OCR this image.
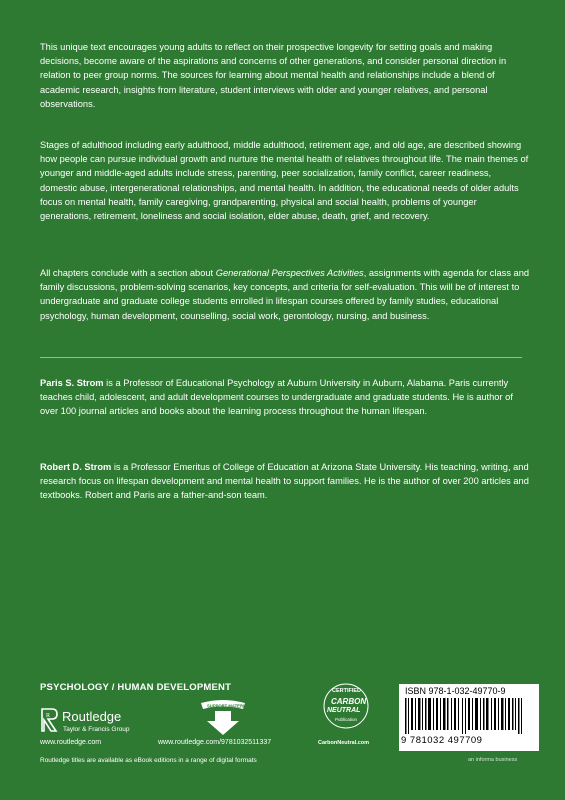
This unique text encourages young adults to reflect on their prospective longevity for setting goals and making decisions, become aware of the aspirations and concerns of other generations, and consider personal direction in relation to peer group norms. The sources for learning about mental health and relationships include a blend of academic research, insights from literature, student interviews with older and younger relatives, and personal observations.
Stages of adulthood including early adulthood, middle adulthood, retirement age, and old age, are described showing how people can pursue individual growth and nurture the mental health of relatives throughout life. The main themes of younger and middle-aged adults include stress, parenting, peer socialization, family conflict, career readiness, domestic abuse, intergenerational relationships, and mental health. In addition, the educational needs of older adults focus on mental health, family caregiving, grandparenting, physical and social health, problems of younger generations, retirement, loneliness and social isolation, elder abuse, death, grief, and recovery.
All chapters conclude with a section about Generational Perspectives Activities, assignments with agenda for class and family discussions, problem-solving scenarios, key concepts, and criteria for self-evaluation. This will be of interest to undergraduate and graduate college students enrolled in lifespan courses offered by family studies, educational psychology, human development, counselling, social work, gerontology, nursing, and business.
Paris S. Strom is a Professor of Educational Psychology at Auburn University in Auburn, Alabama. Paris currently teaches child, adolescent, and adult development courses to undergraduate and graduate students. He is author of over 100 journal articles and books about the learning process throughout the human lifespan.
Robert D. Strom is a Professor Emeritus of College of Education at Arizona State University. His teaching, writing, and research focus on lifespan development and mental health to support families. He is the author of over 200 articles and textbooks. Robert and Paris are a father-and-son team.
PSYCHOLOGY / HUMAN DEVELOPMENT
R Routledge
Taylor & Francis Group
www.routledge.com
SUPPORT MATERIAL
www.routledge.com/9781032511337
CERTIFIED
CARBON
NEUTRAL
Publication
CarbonNeutral.com
ISBN 978-1-032-49770-9
9 781032 497709
an informa business
Routledge titles are available as eBook editions in a range of digital formats
